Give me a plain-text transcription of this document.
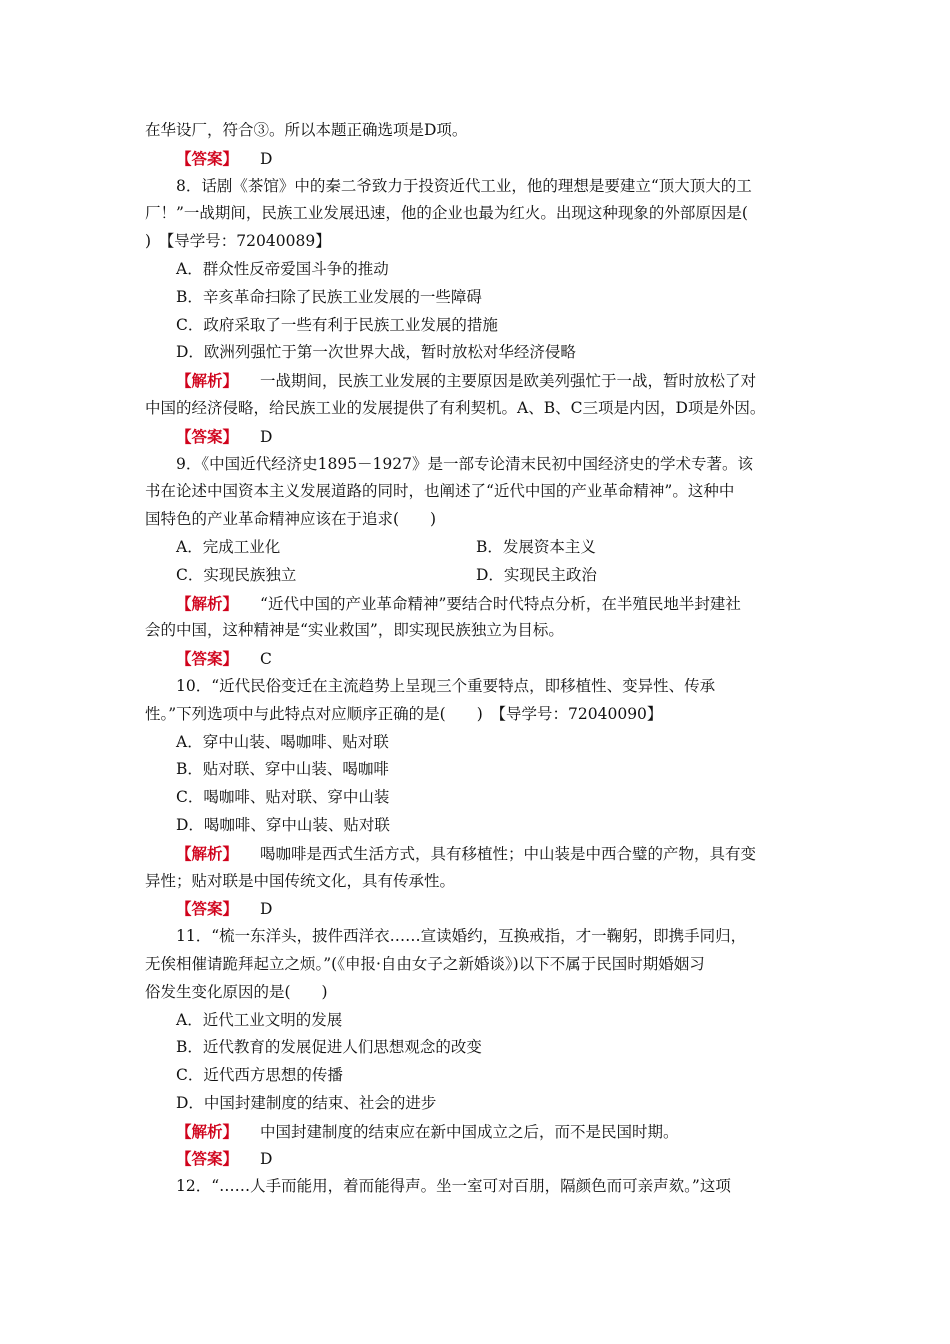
在华设厂，符合③。所以本题正确选项是D项。
【答案】 D
8．话剧《茶馆》中的秦二爷致力于投资近代工业，他的理想是要建立“顶大顶大的工
厂！”一战期间，民族工业发展迅速，他的企业也最为红火。出现这种现象的外部原因是(
)　【导学号：72040089】
A．群众性反帝爱国斗争的推动
B．辛亥革命扫除了民族工业发展的一些障碍
C．政府采取了一些有利于民族工业发展的措施
D．欧洲列强忙于第一次世界大战，暂时放松对华经济侵略
【解析】 一战期间，民族工业发展的主要原因是欧美列强忙于一战，暂时放松了对
中国的经济侵略，给民族工业的发展提供了有利契机。A、B、C三项是内因，D项是外因。
【答案】 D
9．《中国近代经济史1895－1927》是一部专论清末民初中国经济史的学术专著。该
书在论述中国资本主义发展道路的同时，也阐述了“近代中国的产业革命精神”。这种中
国特色的产业革命精神应该在于追求(　　)
A．完成工业化	B．发展资本主义
C．实现民族独立	D．实现民主政治
【解析】 “近代中国的产业革命精神”要结合时代特点分析，在半殖民地半封建社
会的中国，这种精神是“实业救国”，即实现民族独立为目标。
【答案】 C
10．“近代民俗变迁在主流趋势上呈现三个重要特点，即移植性、变异性、传承
性。”下列选项中与此特点对应顺序正确的是(　　)　【导学号：72040090】
A．穿中山装、喝咖啡、贴对联
B．贴对联、穿中山装、喝咖啡
C．喝咖啡、贴对联、穿中山装
D．喝咖啡、穿中山装、贴对联
【解析】 喝咖啡是西式生活方式，具有移植性；中山装是中西合璧的产物，具有变
异性；贴对联是中国传统文化，具有传承性。
【答案】 D
11．“梳一东洋头，披件西洋衣……宣读婚约，互换戒指，才一鞠躬，即携手同归，
无俟相催请跪拜起立之烦。”(《申报·自由女子之新婚谈》)以下不属于民国时期婚姻习
俗发生变化原因的是(　　)
A．近代工业文明的发展
B．近代教育的发展促进人们思想观念的改变
C．近代西方思想的传播
D．中国封建制度的结束、社会的进步
【解析】 中国封建制度的结束应在新中国成立之后，而不是民国时期。
【答案】 D
12．“……人手而能用，着而能得声。坐一室可对百朋，隔颜色而可亲声欬。”这项
